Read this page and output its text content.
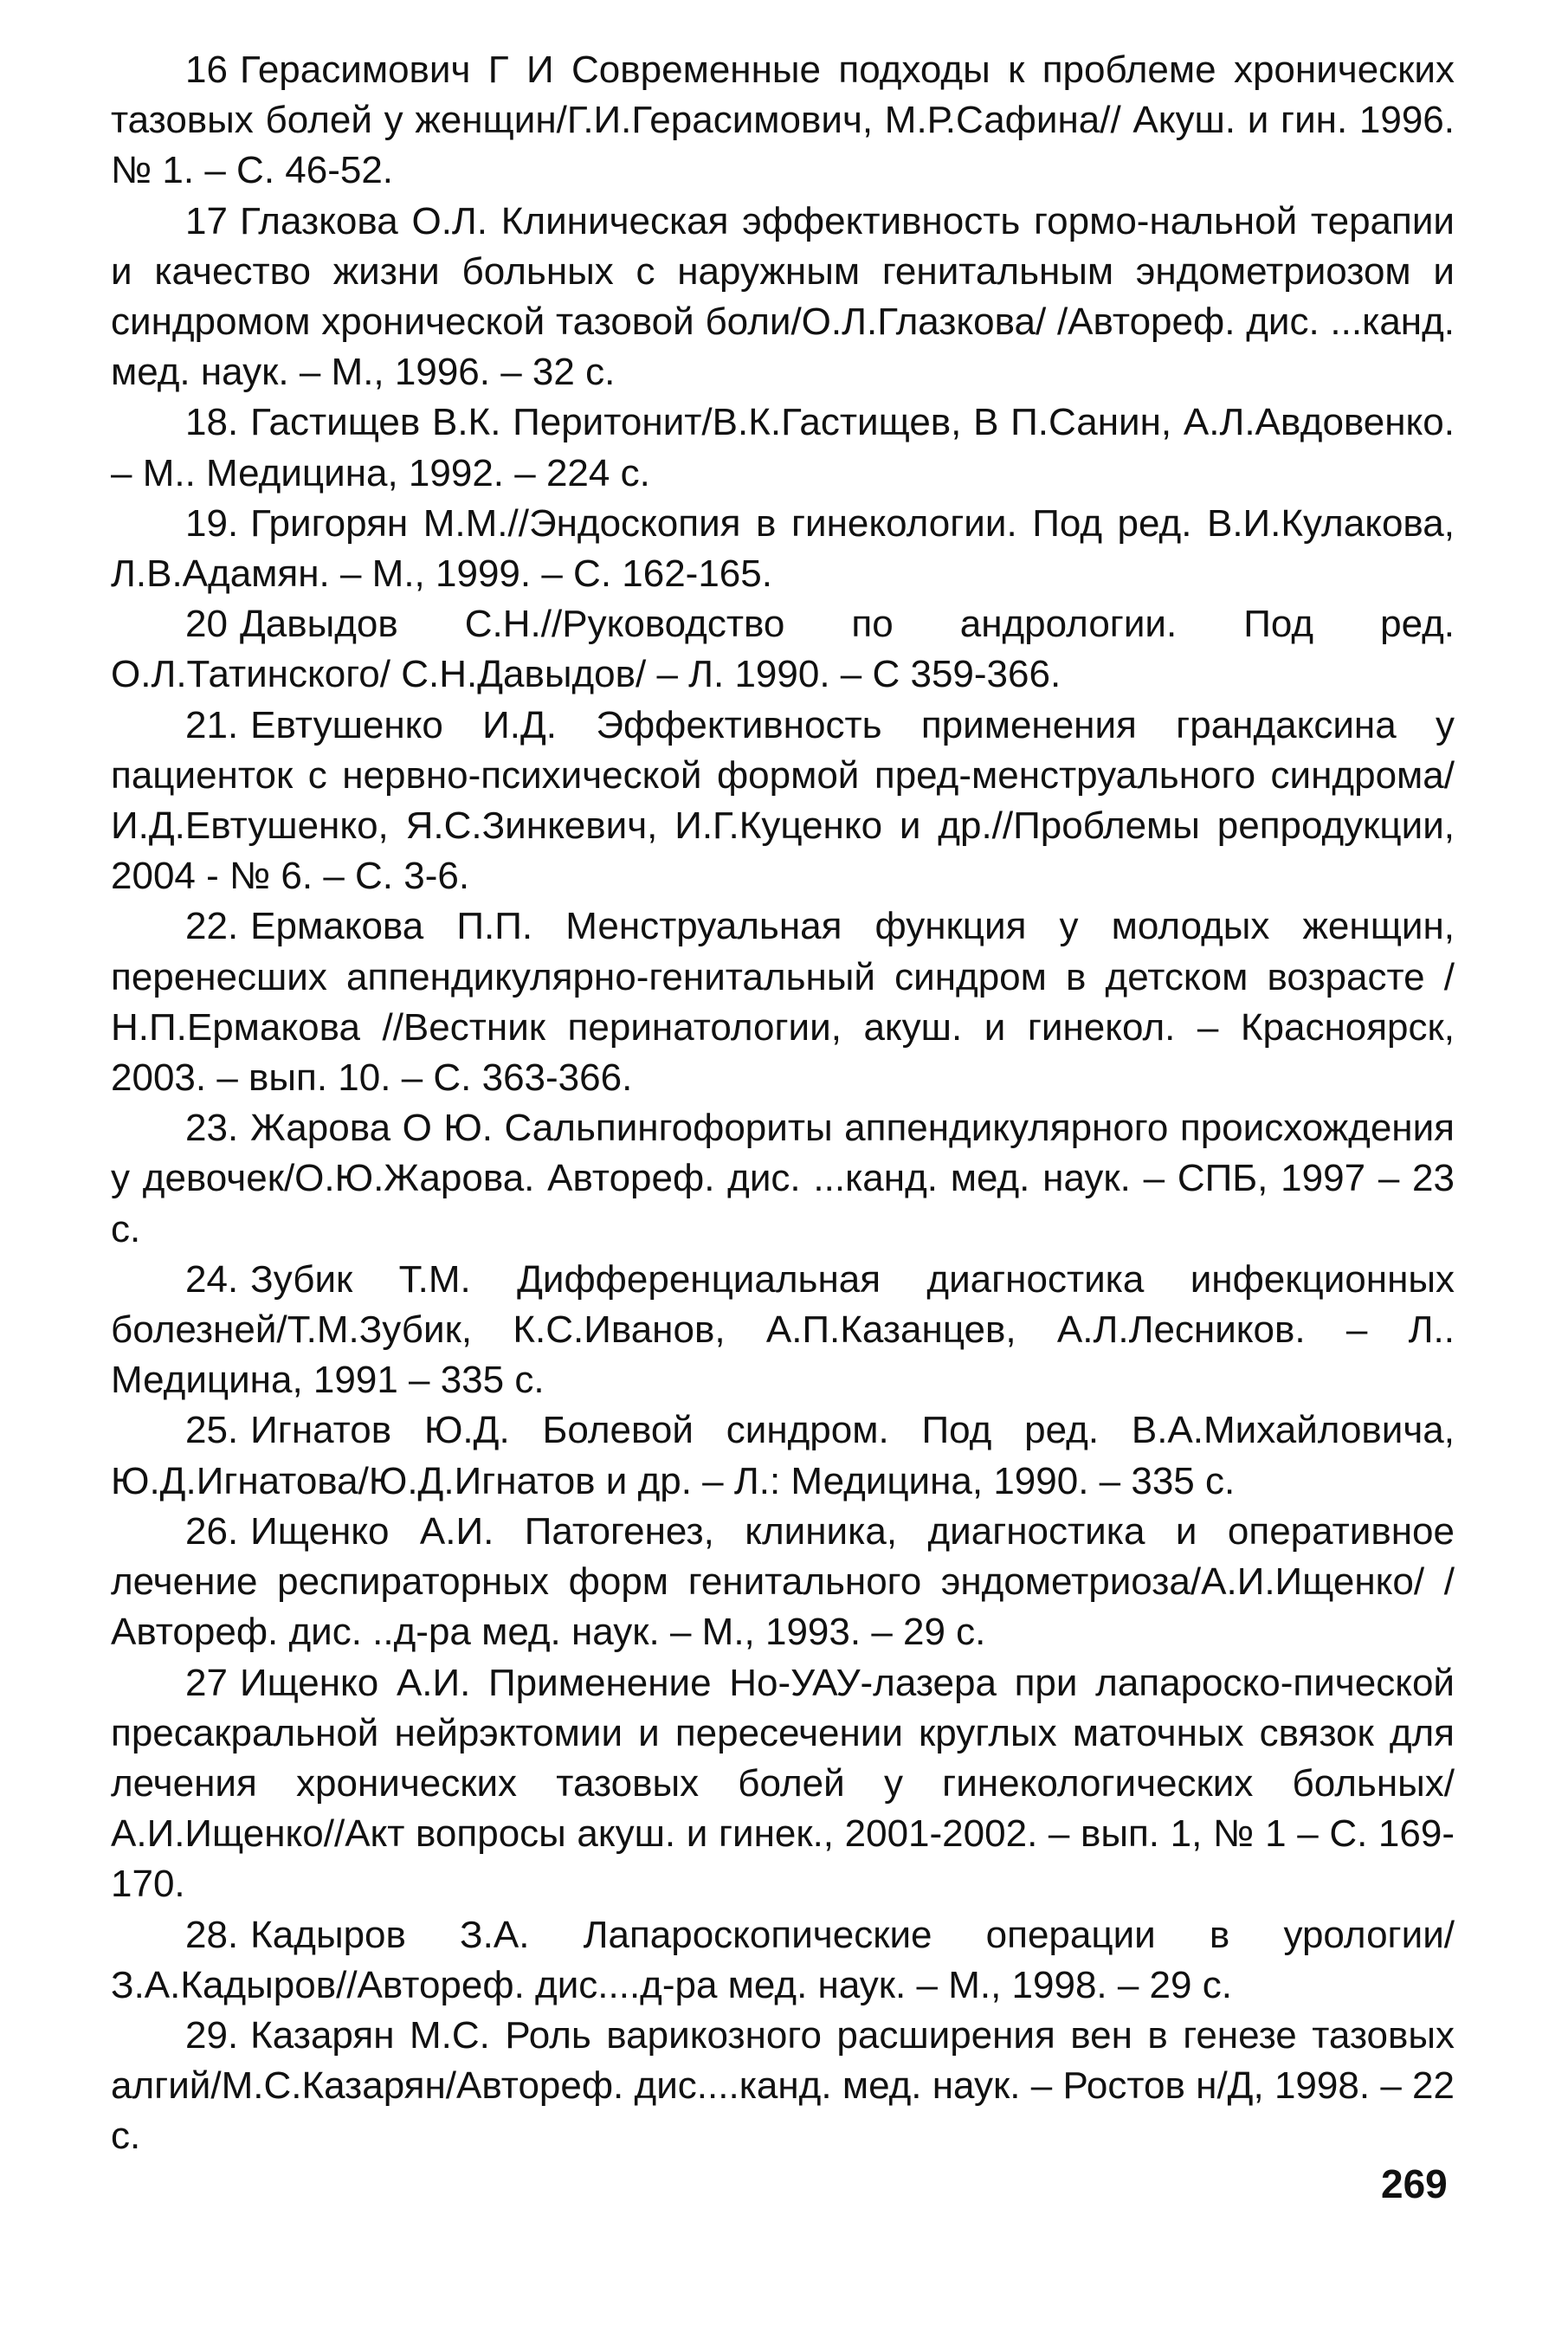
16 Герасимович Г И Современные подходы к проблеме хронических тазовых болей у женщин/Г.И.Герасимович, М.Р.Сафина// Акуш. и гин. 1996. № 1. – С. 46-52.

17 Глазкова О.Л. Клиническая эффективность гормо-нальной терапии и качество жизни больных с наружным генитальным эндометриозом и синдромом хронической тазовой боли/О.Л.Глазкова/ /Автореф. дис. ...канд. мед. наук. – М., 1996. – 32 с.

18. Гастищев В.К. Перитонит/В.К.Гастищев, В П.Санин, А.Л.Авдовенко. – М.. Медицина, 1992. – 224 с.

19. Григорян М.М.//Эндоскопия в гинекологии. Под ред. В.И.Кулакова, Л.В.Адамян. – М., 1999. – С. 162-165.

20 Давыдов С.Н.//Руководство по андрологии. Под ред. О.Л.Татинского/ С.Н.Давыдов/ – Л. 1990. – С 359-366.

21. Евтушенко И.Д. Эффективность применения грандаксина у пациенток с нервно-психической формой пред-менструального синдрома/И.Д.Евтушенко, Я.С.Зинкевич, И.Г.Куценко и др.//Проблемы репродукции, 2004 - № 6. – С. 3-6.

22. Ермакова П.П. Менструальная функция у молодых женщин, перенесших аппендикулярно-генитальный синдром в детском возрасте /Н.П.Ермакова //Вестник перинатологии, акуш. и гинекол. – Красноярск, 2003. – вып. 10. – С. 363-366.

23. Жарова О Ю. Сальпингофориты аппендикулярного происхождения у девочек/О.Ю.Жарова. Автореф. дис. ...канд. мед. наук. – СПБ, 1997 – 23 с.

24. Зубик Т.М. Дифференциальная диагностика инфекционных болезней/Т.М.Зубик, К.С.Иванов, А.П.Казанцев, А.Л.Лесников. – Л.. Медицина, 1991 – 335 с.

25. Игнатов Ю.Д. Болевой синдром. Под ред. В.А.Михайловича, Ю.Д.Игнатова/Ю.Д.Игнатов и др. – Л.: Медицина, 1990. – 335 с.

26. Ищенко А.И. Патогенез, клиника, диагностика и оперативное лечение респираторных форм генитального эндометриоза/А.И.Ищенко/ /Автореф. дис. ..д-ра мед. наук. – М., 1993. – 29 с.

27 Ищенко А.И. Применение Но-УАУ-лазера при лапароско-пической пресакральной нейрэктомии и пересечении круглых маточных связок для лечения хронических тазовых болей у гинекологических больных/А.И.Ищенко//Акт вопросы акуш. и гинек., 2001-2002. – вып. 1, № 1 – С. 169-170.

28. Кадыров З.А. Лапароскопические операции в урологии/ З.А.Кадыров//Автореф. дис....д-ра мед. наук. – М., 1998. – 29 с.

29. Казарян М.С. Роль варикозного расширения вен в генезе тазовых алгий/М.С.Казарян/Автореф. дис....канд. мед. наук. – Ростов н/Д, 1998. – 22 с.

269
